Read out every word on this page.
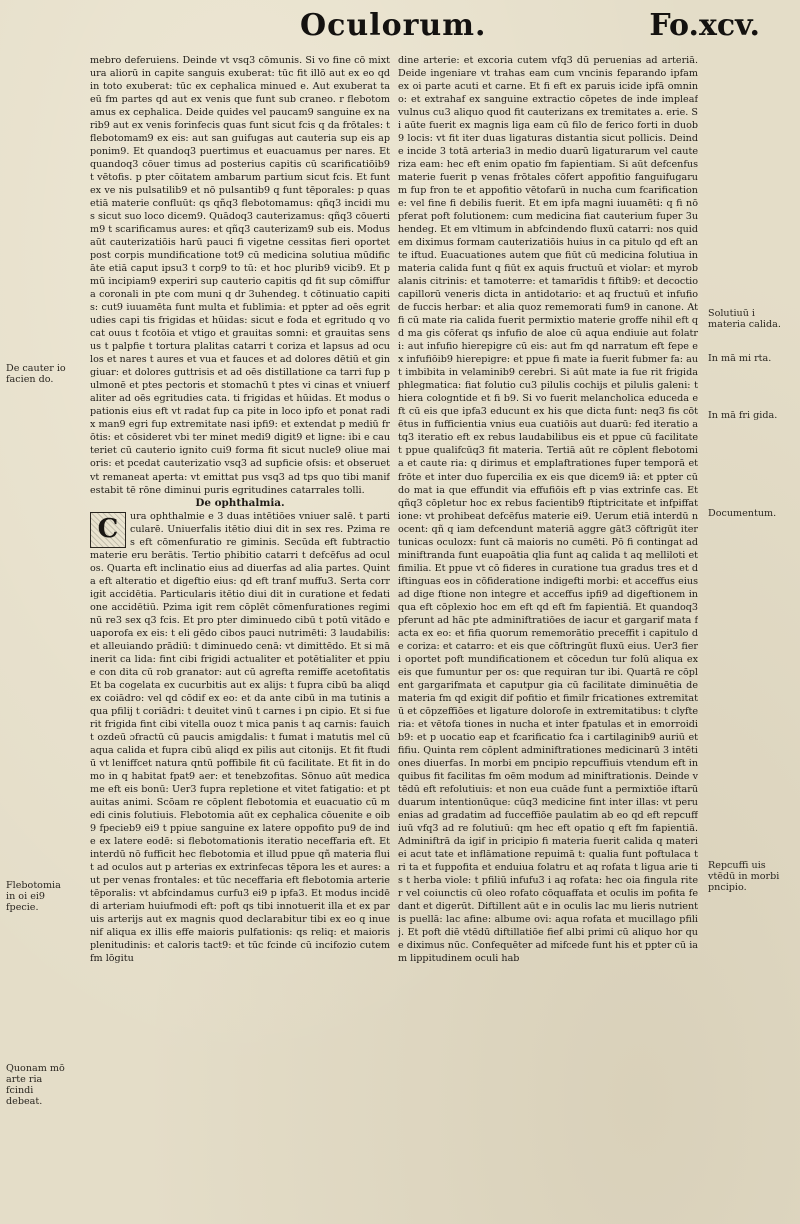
Oculorum.	Fo.xcv.
De cauter io facien do.
Flebotomia in oi ei9 fpecie.
Quonam mō arte ria fcindi debeat.
Solutiuū i materia calida.
In mā mi rta.
In mā fri gida.
Documentum.
Repcuffi uis vtēdū in morbi pncipio.

mebro deferuiens. Deinde vt vsq3 cōmunis. Si vo fine cō mixtura aliorū in capite sanguis exuberat: tūc fit illō aut ex eo qd in toto exuberat: tūc ex cephalica minued e. Aut exuberat ta eū fm partes qd aut ex venis que funt sub craneo. r flebotomamus ex cephalica. Deide quides vel paucam9 sanguine ex narib9 aut ex venis forinfecis quas funt sicut fcis q da frōtales: t flebotomam9 ex eis: aut san guifugas aut cauteria sup eis apponim9. Et quandoq3 puertimus et euacuamus per nares. Et quandoq3 cōuer timus ad posterius capitis cū scarificatiōib9 t vētofis. p pter cōitatem ambarum partium sicut fcis. Et funt ex ve nis pulsatilib9 et nō pulsantib9 q funt tēporales: p quas etiā materie confluūt: qs qñq3 flebotomamus: qñq3 incidi mus sicut suo loco dicem9. Quādoq3 cauterizamus: qñq3 cōuertim9 t scarificamus aures: et qñq3 cauterizam9 sub eis. Modus aūt cauterizatiōis harū pauci fi vigetne cessitas fieri oportet post corpis mundificatione tot9 cū medicina solutiua mūdificāte etiā caput ipsu3 t corp9 to tū: et hoc plurib9 vicib9. Et pmū incipiam9 experiri sup cauterio capitis qd fit sup cōmiffura coronali in pte com muni q dr 3uhendeg. t cōtinuatio capitis: cut9 iuuamēta funt multa et fublimia: et ppter ad oēs egritudies capi tis frigidas et hūidas: sicut e foda et egritudo q vocat ouus t fcotōia et vtigo et grauitas somni: et grauitas sensus t palpfie t tortura plalitas catarri t coriza et lapsus ad ocu los et nares t aures et vua et fauces et ad dolores dētiū et gingiuar: et dolores guttrisis et ad oēs distillatione ca tarri fup pulmonē et ptes pectoris et stomachū t ptes vi cinas et vniuerfaliter ad oēs egritudies cata. ti frigidas et hūidas. Et modus opationis eius eft vt radat fup ca pite in loco ipfo et ponat radix man9 egri fup extremitate nasi ipfi9: et extendat p mediū frōtis: et cōsideret vbi ter minet medi9 digit9 et ligne: ibi e cauteriet cū cauterio ignito cui9 forma fit sicut nucle9 oliue maioris: et pcedat cauterizatio vsq3 ad supficie ofsis: et obseruet vt remaneat aperta: vt emittat pus vsq3 ad tps quo tibi manifestabit tē rōne diminui puris egritudines catarrales tolli.

De ophthalmia.

C	ura ophthalmie e 3 duas intētiōes vniuer salē. t particularē. Uniuerfalis itētio diui dit in sex res. Pzima res eft cōmenfuratio re giminis. Secūda eft fubtractio materie eru berātis. Tertio phibitio catarri t defcēfus ad oculos. Quarta eft inclinatio eius ad diuerfas ad alia partes. Quinta eft alteratio et digeftio eius: qd eft tranf muffu3. Serta corrigit accidētia. Particularis itētio diui dit in curatione et fedatione accidētiū. Pzima igit rem cōplēt cōmenfurationes regiminū re3 sex q3 fcis. Et pro pter diminuedo cibū t potū vitādo euaporofa ex eis: t eli gēdo cibos pauci nutrimēti: 3 laudabilis: et alleuiando prādiū: t diminuedo cenā: vt dimittēdo. Et si mā inerit ca lida: fint cibi frigidi actualiter et potētialiter et ppiue con dita cū rob granator: aut cū agrefta remiffe acetofitatis Et ba cogelata ex cucurbitis aut ex alijs: t fupra cibū ba aliqd ex coiādro: vel qd cōdif ex eo: et da ante cibū in ma tutinis aqua pfilij t coriādri: t deuitet vinū t carnes i pn cipio. Et si fuerit frigida fint cibi vitella ouoz t mica panis t aq carnis: fauich t ozdeū ɔfractū cū paucis amigdalis: t fumat i matutis mel cū aqua calida et fupra cibū aliqd ex pilis aut citonijs. Et fit ftudiū vt leniffcet natura qntū poffibile fit cū facilitate. Et fit in domo in q habitat fpat9 aer: et tenebzofitas. Sōnuo aūt medicame eft eis bonū: Uer3 fupra repletione et vitet fatigatio: et ptauitas animi. Scōam re cōplent flebotomia et euacuatio cū medi cinis folutiuis. Flebotomia aūt ex cephalica cōuenite e oib9 fpecieb9 ei9 t ppiue sanguine ex latere oppofito pu9 de inde ex latere eodē: si flebotomationis iteratio neceffaria eft. Et interdū nō fufficit hec flebotomia et illud ppue qñ materia fluit ad oculos aut p arterias ex extrinfecas tēpora les et aures: aut per venas frontales: et tūc neceffaria eft flebotomia arterie tēporalis: vt abfcindamus curfu3 ei9 p ipfa3. Et modus incidēdi arteriam huiufmodi eft: poft qs tibi innotuerit illa et ex paruis arterijs aut ex magnis quod declarabitur tibi ex eo q inuenif aliqua ex illis effe maioris pulfationis: qs reliq: et maioris plenitudinis: et caloris tact9: et tūc fcinde cū incifozio cutem fm lōgitu

dine arterie: et excoria cutem vfq3 dū peruenias ad arteriā. Deide ingeniare vt trahas eam cum vncinis feparando ipfam ex oi parte acuti et carne. Et fi eft ex paruis icide ipfā omnino: et extrahaf ex sanguine extractio cōpetes de inde impleaf vulnus cu3 aliquo quod fit cauterizans ex tremitates a. erie. Si aūte fuerit ex magnis liga eam cū filo de ferico forti in duob9 locis: vt fit iter duas ligaturas distantia sicut pollicis. Deinde incide 3 totā arteria3 in medio duarū ligaturarum vel cauteriza eam: hec eft enim opatio fm fapientiam. Si aūt defcenfus materie fuerit p venas frōtales cōfert appofitio fanguifugarum fup fron te et appofitio vētofarū in nucha cum fcarificatione: vel fine fi debilis fuerit. Et em ipfa magni iuuamēti: q fi nō pferat poft folutionem: cum medicina fiat cauterium fuper 3uhendeg. Et em vltimum in abfcindendo fluxū catarri: nos quidem diximus formam cauterizatiōis huius in ca pitulo qd eft ante iftud. Euacuationes autem que fiūt cū medicina folutiua in materia calida funt q fiūt ex aquis fructuū et violar: et myrobalanis citrinis: et tamoterre: et tamarīdis t fiftib9: et decoctio capillorū veneris dicta in antidotario: et aq fructuū et infufio de fuccis herbar: et alia quoz rememorati fum9 in canone. At fi cū mate ria calida fuerit permixtio materie groffe nihil eft qd ma gis cōferat qs infufio de aloe cū aqua endiuie aut folatri: aut infufio hierepigre cū eis: aut fm qd narratum eft fepe ex infufiōib9 hierepigre: et ppue fi mate ia fuerit fubmer fa: aut imbibita in velaminib9 cerebri. Si aūt mate ia fue rit frigida phlegmatica: fiat folutio cu3 pilulis cochijs et pilulis galeni: t hiera cologntide et fi b9. Si vo fuerit melancholica educeda eft cū eis que ipfa3 educunt ex his que dicta funt: neq3 fis cōtētus in fufficientia vnius eua cuatiōis aut duarū: fed iteratio atq3 iteratio eft ex rebus laudabilibus eis et ppue cū facilitate t ppue qualifcūq3 fit materia. Tertiā aūt re cōplent flebotomia et caute ria: q dirimus et emplaftrationes fuper temporā et frōte et inter duo fupercilia ex eis que dicem9 iā: et ppter cū do mat ia que effundit via effufiōis eft p vias extrinfe cas. Et qñq3 cōpletur hoc ex rebus facientib9 ftiptricitate et infpiffatione: vt prohibeat defcēfus materie ei9. Uerum etiā interdū nocent: qñ q iam defcendunt materiā aggre gāt3 cōftrigūt iter tunicas oculozx: funt cā maioris no cumēti. Pō fi contingat adminiftranda funt euapoātia qlia funt aq calida t aq melliloti et fimilia. Et ppue vt cō fideres in curatione tua gradus tres et diftinguas eos in cōfideratione indigefti morbi: et acceffus eius ad dige ftione non integre et acceffus ipfi9 ad digeftionem in qua eft cōplexio hoc em eft qd eft fm fapientiā. Et quandoq3 pferunt ad hāc pte adminiftratiōes de iacur et gargarif mata facta ex eo: et fifia quorum rememorātio preceffit i capitulo de coriza: et catarro: et eis que cōſtringūt fluxū eius. Uer3 fieri oportet poft mundificationem et cōcedun tur folū aliqua ex eis que fumuntur per os: que requiran tur ibi. Quartā re cōplent gargarifmata et caputpur gia cū facilitate diminuētia de materia fm qd exigit dif pofitio et fimilr fricationes extremitatū et cōpzeffiōes et ligature doloroſe in extremitatibus: t clyfteria: et vētofa tiones in nucha et inter fpatulas et in emorroidib9: et p uocatio eap et fcarificatio fca i cartilaginib9 auriū et fifiu. Quinta rem cōplent adminiftrationes medicinarū 3 intētiones diuerfas. In morbi em pncipio repcuffiuis vtendum eft in quibus fit facilitas fm oēm modum ad miniftrationis. Deinde vtēdū eft refolutiuis: et non eua cuāde funt a permixtiōe iftarū duarum intentionūque: cūq3 medicine fint inter illas: vt peruenias ad gradatim ad fucceffiōe paulatim ab eo qd eft repcuffiuū vfq3 ad re folutiuū: qm hec eft opatio q eft fm fapientiā. Adminiftrā da igif in pricipio fi materia fuerit calida q materiei acut tate et inflāmatione repuimā t: qualia funt poftulaca tri ta et fuppofita et enduiua folatru et aq rofata t ligua arie tis t herba viole: t pfiliū infufu3 i aq rofata: hec oia fingula riter vel coiunctis cū oleo rofato cōquaffata et oculis im pofita fedant et digerūt. Diftillent aūt e in oculis lac mu lieris nutrientis puellā: lac afine: albume ovi: aqua rofata et mucillago pfilij. Et poft diē vtēdū diftillatiōe fief albi primi cū aliquo hor que diximus nūc. Confequēter ad mifcede funt his et ppter cū iam lippitudinem oculi hab
